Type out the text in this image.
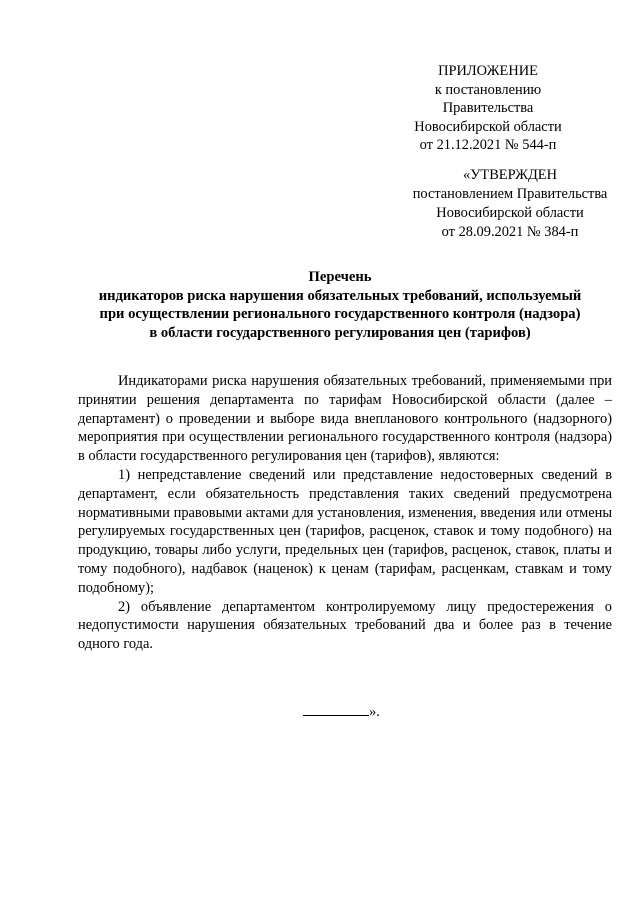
ПРИЛОЖЕНИЕ
к постановлению Правительства
Новосибирской области
от 21.12.2021 № 544-п
«УТВЕРЖДЕН
постановлением Правительства
Новосибирской области
от 28.09.2021 № 384-п
Перечень
индикаторов риска нарушения обязательных требований, используемый
при осуществлении регионального государственного контроля (надзора)
в области государственного регулирования цен (тарифов)

Индикаторами риска нарушения обязательных требований, применяемыми при принятии решения департамента по тарифам Новосибирской области (далее – департамент) о проведении и выборе вида внепланового контрольного (надзорного) мероприятия при осуществлении регионального государственного контроля (надзора) в области государственного регулирования цен (тарифов), являются:

1) непредставление сведений или представление недостоверных сведений в департамент, если обязательность представления таких сведений предусмотрена нормативными правовыми актами для установления, изменения, введения или отмены регулируемых государственных цен (тарифов, расценок, ставок и тому подобного) на продукцию, товары либо услуги, предельных цен (тарифов, расценок, ставок, платы и тому подобного), надбавок (наценок) к ценам (тарифам, расценкам, ставкам и тому подобному);

2) объявление департаментом контролируемому лицу предостережения о недопустимости нарушения обязательных требований два и более раз в течение одного года.

».
